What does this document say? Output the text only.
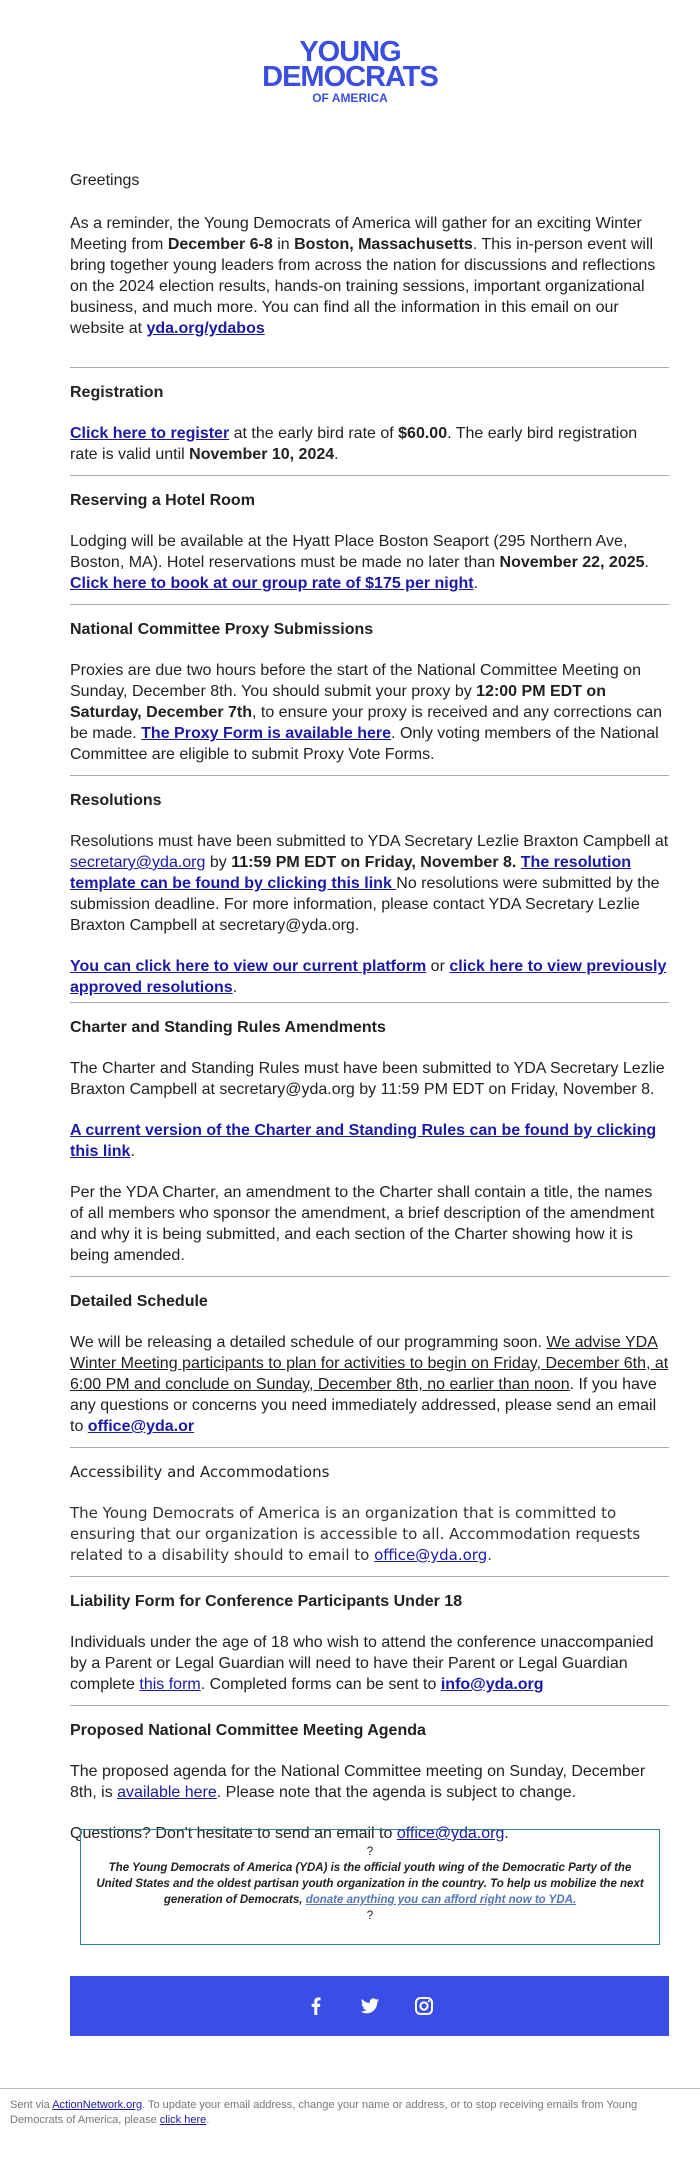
YOUNG
DEMOCRATS
OF AMERICA

Greetings

As a reminder, the Young Democrats of America will gather for an exciting Winter Meeting from December 6-8 in Boston, Massachusetts. This in-person event will bring together young leaders from across the nation for discussions and reflections on the 2024 election results, hands-on training sessions, important organizational business, and much more. You can find all the information in this email on our website at yda.org/ydabos

Registration

Click here to register at the early bird rate of $60.00. The early bird registration rate is valid until November 10, 2024.

Reserving a Hotel Room

Lodging will be available at the Hyatt Place Boston Seaport (295 Northern Ave, Boston, MA). Hotel reservations must be made no later than November 22, 2025. Click here to book at our group rate of $175 per night.

National Committee Proxy Submissions

Proxies are due two hours before the start of the National Committee Meeting on Sunday, December 8th. You should submit your proxy by 12:00 PM EDT on Saturday, December 7th, to ensure your proxy is received and any corrections can be made. The Proxy Form is available here. Only voting members of the National Committee are eligible to submit Proxy Vote Forms.

Resolutions

Resolutions must have been submitted to YDA Secretary Lezlie Braxton Campbell at secretary@yda.org by 11:59 PM EDT on Friday, November 8. The resolution template can be found by clicking this link No resolutions were submitted by the submission deadline. For more information, please contact YDA Secretary Lezlie Braxton Campbell at secretary@yda.org.

You can click here to view our current platform or click here to view previously approved resolutions.

Charter and Standing Rules Amendments

The Charter and Standing Rules must have been submitted to YDA Secretary Lezlie Braxton Campbell at secretary@yda.org by 11:59 PM EDT on Friday, November 8.

A current version of the Charter and Standing Rules can be found by clicking this link.

Per the YDA Charter, an amendment to the Charter shall contain a title, the names of all members who sponsor the amendment, a brief description of the amendment and why it is being submitted, and each section of the Charter showing how it is being amended.

Detailed Schedule

We will be releasing a detailed schedule of our programming soon. We advise YDA Winter Meeting participants to plan for activities to begin on Friday, December 6th, at 6:00 PM and conclude on Sunday, December 8th, no earlier than noon. If you have any questions or concerns you need immediately addressed, please send an email to office@yda.or

Accessibility and Accommodations

The Young Democrats of America is an organization that is committed to ensuring that our organization is accessible to all. Accommodation requests related to a disability should to email to office@yda.org.

Liability Form for Conference Participants Under 18

Individuals under the age of 18 who wish to attend the conference unaccompanied by a Parent or Legal Guardian will need to have their Parent or Legal Guardian complete this form. Completed forms can be sent to info@yda.org

Proposed National Committee Meeting Agenda

The proposed agenda for the National Committee meeting on Sunday, December 8th, is available here. Please note that the agenda is subject to change.

Questions? Don't hesitate to send an email to office@yda.org.

?
The Young Democrats of America (YDA) is the official youth wing of the Democratic Party of the United States and the oldest partisan youth organization in the country. To help us mobilize the next generation of Democrats, donate anything you can afford right now to YDA.
?
Sent via ActionNetwork.org. To update your email address, change your name or address, or to stop receiving emails from Young Democrats of America, please click here.
